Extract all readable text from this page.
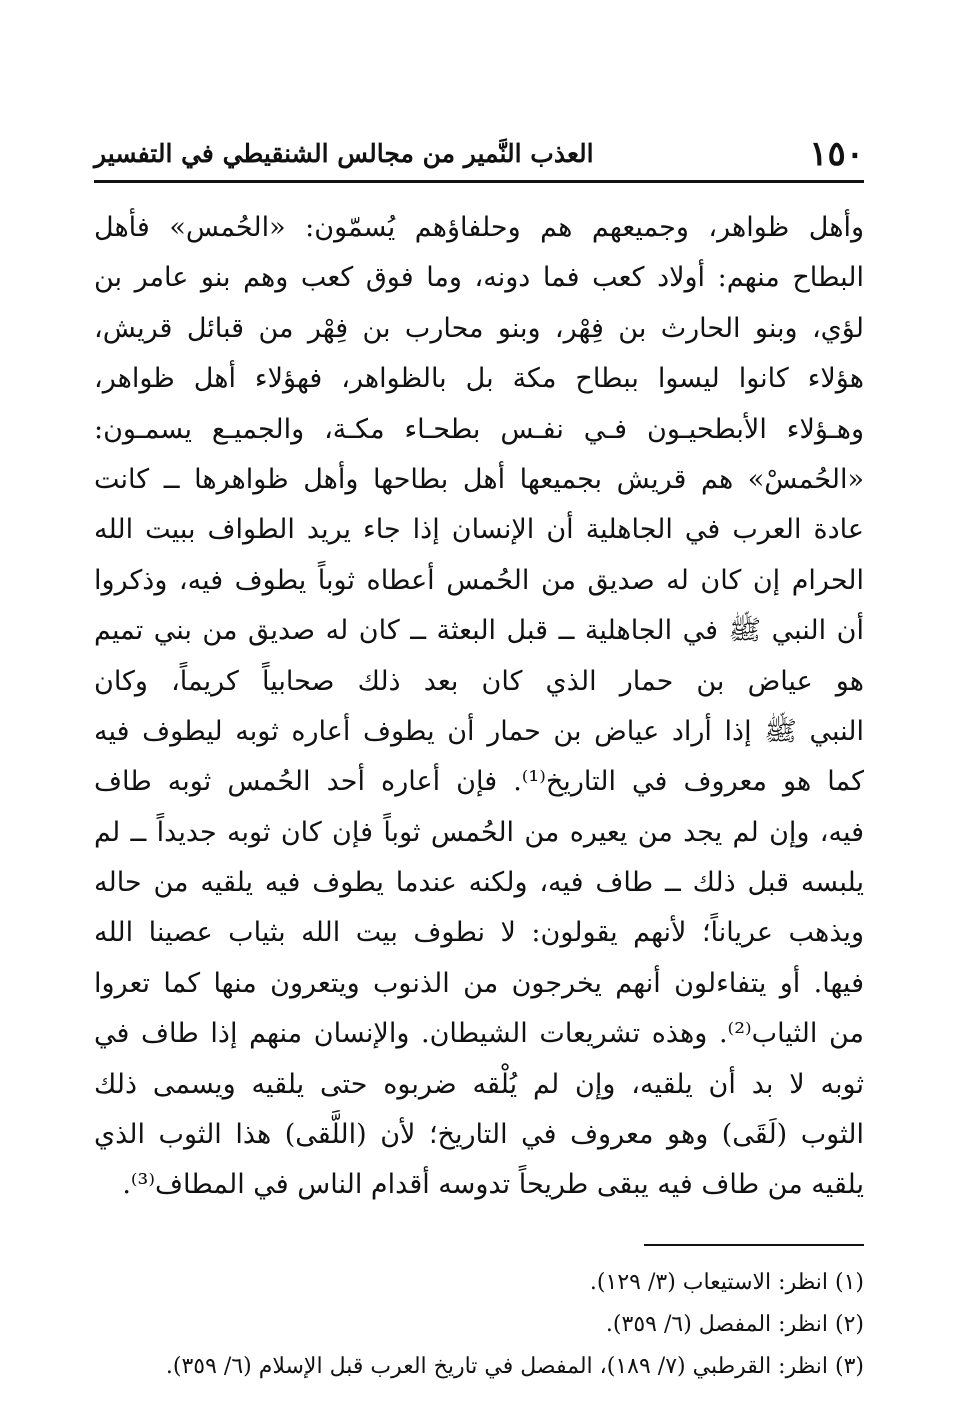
١٥٠
العذب النَّمير من مجالس الشنقيطي في التفسير
وأهل ظواهر، وجميعهم هم وحلفاؤهم يُسمّون: «الحُمس» فأهل
البطاح منهم: أولاد كعب فما دونه، وما فوق كعب وهم بنو عامر بن
لؤي، وبنو الحارث بن فِهْر، وبنو محارب بن فِهْر من قبائل قريش،
هؤلاء كانوا ليسوا ببطاح مكة بل بالظواهر، فهؤلاء أهل ظواهر،
وهـؤلاء الأبطحيـون فـي نفـس بطحـاء مكـة، والجميـع يسمـون:
«الحُمسْ» هم قريش بجميعها أهل بطاحها وأهل ظواهرها ــ كانت
عادة العرب في الجاهلية أن الإنسان إذا جاء يريد الطواف ببيت الله
الحرام إن كان له صديق من الحُمس أعطاه ثوباً يطوف فيه، وذكروا
أن النبي ﷺ في الجاهلية ــ قبل البعثة ــ كان له صديق من بني تميم
هو عياض بن حمار الذي كان بعد ذلك صحابياً كريماً، وكان
النبي ﷺ إذا أراد عياض بن حمار أن يطوف أعاره ثوبه ليطوف فيه
كما هو معروف في التاريخ⁽¹⁾. فإن أعاره أحد الحُمس ثوبه طاف
فيه، وإن لم يجد من يعيره من الحُمس ثوباً فإن كان ثوبه جديداً ــ لم
يلبسه قبل ذلك ــ طاف فيه، ولكنه عندما يطوف فيه يلقيه من حاله
ويذهب عرياناً؛ لأنهم يقولون: لا نطوف بيت الله بثياب عصينا الله
فيها. أو يتفاءلون أنهم يخرجون من الذنوب ويتعرون منها كما تعروا
من الثياب⁽²⁾. وهذه تشريعات الشيطان. والإنسان منهم إذا طاف في
ثوبه لا بد أن يلقيه، وإن لم يُلْقه ضربوه حتى يلقيه ويسمى ذلك
الثوب (لَقَى) وهو معروف في التاريخ؛ لأن (اللَّقى) هذا الثوب الذي
يلقيه من طاف فيه يبقى طريحاً تدوسه أقدام الناس في المطاف⁽³⁾.
(١) انظر: الاستيعاب (٣/ ١٢٩).
(٢) انظر: المفصل (٦/ ٣٥٩).
(٣) انظر: القرطبي (٧/ ١٨٩)، المفصل في تاريخ العرب قبل الإسلام (٦/ ٣٥٩).
